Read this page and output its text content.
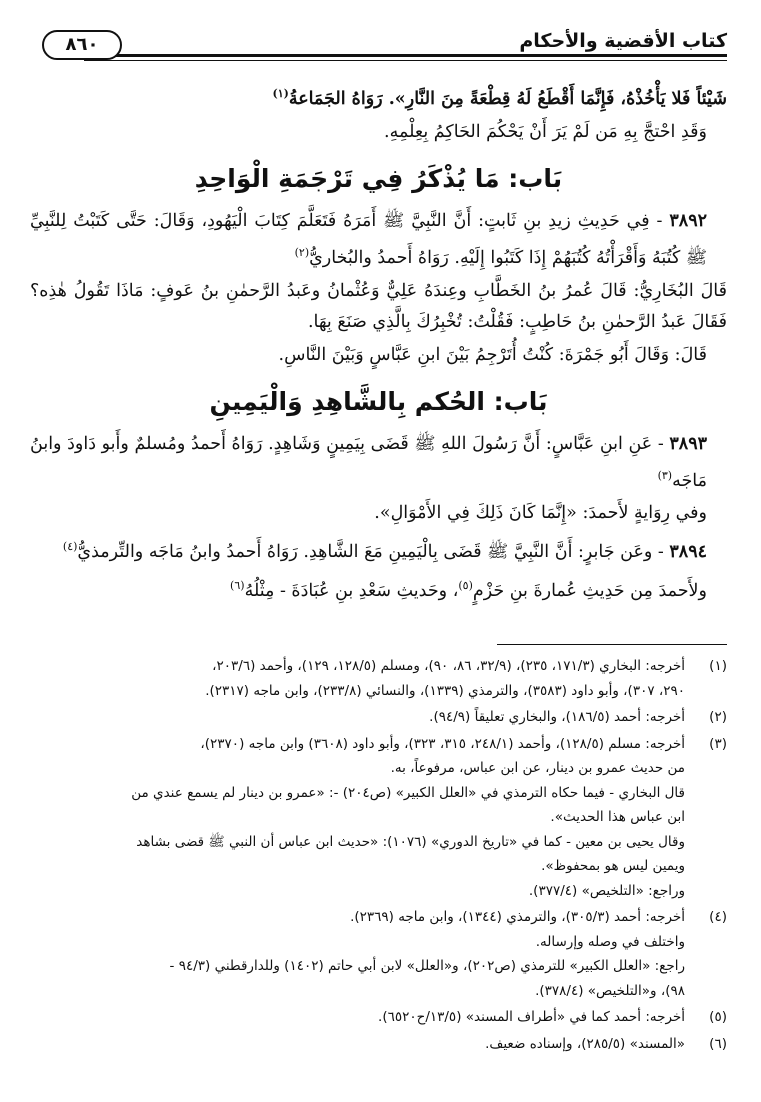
كتاب الأقضية والأحكام
٨٦٠

شَيْئاً فَلا يَأْخُذْهُ، فَإِنَّمَا أَقْطَعُ لَهُ قِطْعَةً مِنَ النَّارِ». رَوَاهُ الجَمَاعةُ$^{(١)}$

وَقَدِ احْتجَّ بِهِ مَن لَمْ يَرَ أَنْ يَحْكُمَ الحَاكِمُ بِعِلْمِهِ.

بَاب: مَا يُذْكَرُ فِي تَرْجَمَةِ الْوَاحِدِ

٣٨٩٢ - فِي حَدِيثِ زيدِ بنِ ثَابتٍ: أَنَّ النَّبِيَّ ﷺ أَمَرَهُ فَتَعَلَّمَ كِتَابَ الْيَهُودِ، وَقَالَ: حَتَّى كَتَبْتُ لِلنَّبِيِّ ﷺ كُتُبَهُ وَأَقْرَأْتُهُ كُتُبَهُمْ إِذَا كَتَبُوا إِلَيْهِ. رَوَاهُ أَحمدُ والبُخاريُّ$^{(٢)}$

قَالَ البُخَارِيُّ: قَالَ عُمرُ بنُ الخَطَّابِ وعِندَهُ عَلِيٌّ وَعُثْمانُ وعَبدُ الرَّحمٰنِ بنُ عَوفٍ: مَاذَا تَقُولُ هٰذِه؟ فَقَالَ عَبدُ الرَّحمٰنِ بنُ حَاطِبٍ: فَقُلْتُ: تُخْبِرُكَ بِالَّذِي صَنَعَ بِهَا.

قَالَ: وَقَالَ أَبُو جَمْرَةَ: كُنْتُ أُتَرْجِمُ بَيْنَ ابنِ عَبَّاسٍ وَبَيْنَ النَّاسِ.

بَاب: الحُكم بِالشَّاهِدِ وَالْيَمِينِ

٣٨٩٣ - عَنِ ابنِ عَبَّاسٍ: أَنَّ رَسُولَ اللهِ ﷺ قَضَى بِيَمِينٍ وَشَاهِدٍ. رَوَاهُ أَحمدُ ومُسلمٌ وأَبو دَاودَ وابنُ مَاجَه$^{(٣)}$

وفي رِوَايةٍ لأَحمدَ: «إِنَّمَا كَانَ ذَلِكَ فِي الأَمْوَالِ».

٣٨٩٤ - وعَن جَابرٍ: أَنَّ النَّبِيَّ ﷺ قَضَى بِالْيَمِينِ مَعَ الشَّاهِدِ. رَوَاهُ أَحمدُ وابنُ مَاجَه والتِّرمذيُّ$^{(٤)}$

ولأَحمدَ مِن حَدِيثِ عُمارةَ بنِ حَزْمٍ$^{(٥)}$، وحَديثِ سَعْدِ بنِ عُبَادَةَ - مِثْلُهُ$^{(٦)}$

(١)
أخرجه: البخاري (١٧١/٣، ٢٣٥)، (٣٢/٩، ٨٦، ٩٠)، ومسلم (١٢٨/٥، ١٢٩)، وأحمد (٢٠٣/٦،
٢٩٠، ٣٠٧)، وأبو داود (٣٥٨٣)، والترمذي (١٣٣٩)، والنسائي (٢٣٣/٨)، وابن ماجه (٢٣١٧).
(٢)
أخرجه: أحمد (١٨٦/٥)، والبخاري تعليقاً (٩٤/٩).
(٣)
أخرجه: مسلم (١٢٨/٥)، وأحمد (٢٤٨/١، ٣١٥، ٣٢٣)، وأبو داود (٣٦٠٨) وابن ماجه (٢٣٧٠)،
من حديث عمرو بن دينار، عن ابن عباس، مرفوعاً، به.
قال البخاري - فيما حكاه الترمذي في «العلل الكبير» (ص٢٠٤) -: «عمرو بن دينار لم يسمع عندي من
ابن عباس هذا الحديث».
وقال يحيى بن معين - كما في «تاريخ الدوري» (١٠٧٦): «حديث ابن عباس أن النبي ﷺ قضى بشاهد
ويمين ليس هو بمحفوظ».
وراجع: «التلخيص» (٣٧٧/٤).
(٤)
أخرجه: أحمد (٣٠٥/٣)، والترمذي (١٣٤٤)، وابن ماجه (٢٣٦٩).
واختلف في وصله وإرساله.
راجع: «العلل الكبير» للترمذي (ص٢٠٢)، و«العلل» لابن أبي حاتم (١٤٠٢) وللدارقطني (٩٤/٣ -
٩٨)، و«التلخيص» (٣٧٨/٤).
(٥)
أخرجه: أحمد كما في «أطراف المسند» (١٣/٥/ح٦٥٢٠).
(٦)
«المسند» (٢٨٥/٥)، وإسناده ضعيف.
